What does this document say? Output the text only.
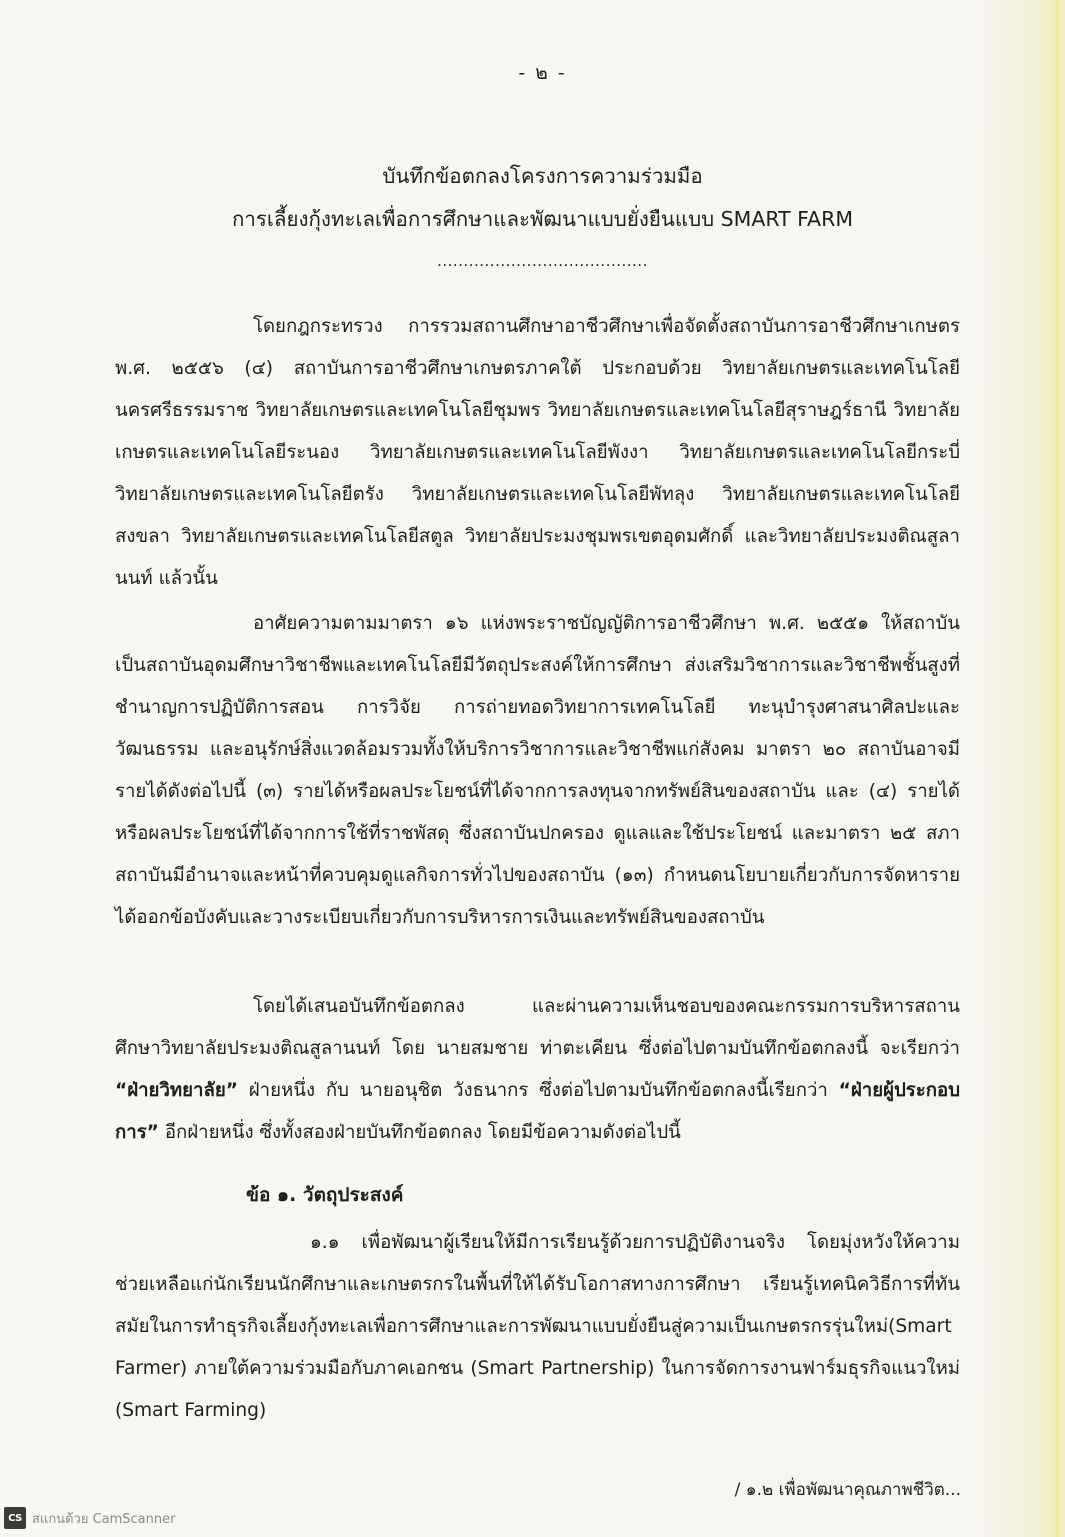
- ๒ -
บันทึกข้อตกลงโครงการความร่วมมือ
การเลี้ยงกุ้งทะเลเพื่อการศึกษาและพัฒนาแบบยั่งยืนแบบ SMART FARM
........................................
โดยกฎกระทรวง การรวมสถานศึกษาอาชีวศึกษาเพื่อจัดตั้งสถาบันการอาชีวศึกษาเกษตร พ.ศ. ๒๕๕๖ (๔) สถาบันการอาชีวศึกษาเกษตรภาคใต้ ประกอบด้วย วิทยาลัยเกษตรและเทคโนโลยีนครศรีธรรมราช วิทยาลัยเกษตรและเทคโนโลยีชุมพร วิทยาลัยเกษตรและเทคโนโลยีสุราษฎร์ธานี วิทยาลัยเกษตรและเทคโนโลยีระนอง วิทยาลัยเกษตรและเทคโนโลยีพังงา วิทยาลัยเกษตรและเทคโนโลยีกระบี่ วิทยาลัยเกษตรและเทคโนโลยีตรัง วิทยาลัยเกษตรและเทคโนโลยีพัทลุง วิทยาลัยเกษตรและเทคโนโลยีสงขลา วิทยาลัยเกษตรและเทคโนโลยีสตูล วิทยาลัยประมงชุมพรเขตอุดมศักดิ์ และวิทยาลัยประมงติณสูลานนท์ แล้วนั้น
อาศัยความตามมาตรา ๑๖ แห่งพระราชบัญญัติการอาชีวศึกษา พ.ศ. ๒๕๕๑ ให้สถาบันเป็นสถาบันอุดมศึกษาวิชาชีพและเทคโนโลยีมีวัตถุประสงค์ให้การศึกษา ส่งเสริมวิชาการและวิชาชีพชั้นสูงที่ชำนาญการปฏิบัติการสอน การวิจัย การถ่ายทอดวิทยาการเทคโนโลยี ทะนุบำรุงศาสนาศิลปะและวัฒนธรรม และอนุรักษ์สิ่งแวดล้อมรวมทั้งให้บริการวิชาการและวิชาชีพแก่สังคม มาตรา ๒๐ สถาบันอาจมีรายได้ดังต่อไปนี้ (๓) รายได้หรือผลประโยชน์ที่ได้จากการลงทุนจากทรัพย์สินของสถาบัน และ (๔) รายได้หรือผลประโยชน์ที่ได้จากการใช้ที่ราชพัสดุ ซึ่งสถาบันปกครอง ดูแลและใช้ประโยชน์ และมาตรา ๒๕ สภาสถาบันมีอำนาจและหน้าที่ควบคุมดูแลกิจการทั่วไปของสถาบัน (๑๓) กำหนดนโยบายเกี่ยวกับการจัดหารายได้ออกข้อบังคับและวางระเบียบเกี่ยวกับการบริหารการเงินและทรัพย์สินของสถาบัน
โดยได้เสนอบันทึกข้อตกลง และผ่านความเห็นชอบของคณะกรรมการบริหารสถานศึกษาวิทยาลัยประมงติณสูลานนท์ โดย นายสมชาย ท่าตะเคียน ซึ่งต่อไปตามบันทึกข้อตกลงนี้ จะเรียกว่า “ฝ่ายวิทยาลัย” ฝ่ายหนึ่ง กับ นายอนุชิต วังธนากร ซึ่งต่อไปตามบันทึกข้อตกลงนี้เรียกว่า “ฝ่ายผู้ประกอบการ” อีกฝ่ายหนึ่ง ซึ่งทั้งสองฝ่ายบันทึกข้อตกลง โดยมีข้อความดังต่อไปนี้
ข้อ ๑. วัตถุประสงค์
๑.๑ เพื่อพัฒนาผู้เรียนให้มีการเรียนรู้ด้วยการปฏิบัติงานจริง โดยมุ่งหวังให้ความช่วยเหลือแก่นักเรียนนักศึกษาและเกษตรกรในพื้นที่ให้ได้รับโอกาสทางการศึกษา เรียนรู้เทคนิควิธีการที่ทันสมัยในการทำธุรกิจเลี้ยงกุ้งทะเลเพื่อการศึกษาและการพัฒนาแบบยั่งยืนสู่ความเป็นเกษตรกรรุ่นใหม่(Smart Farmer) ภายใต้ความร่วมมือกับภาคเอกชน (Smart Partnership) ในการจัดการงานฟาร์มธุรกิจแนวใหม่ (Smart Farming)
/ ๑.๒ เพื่อพัฒนาคุณภาพชีวิต...
CS สแกนด้วย CamScanner
